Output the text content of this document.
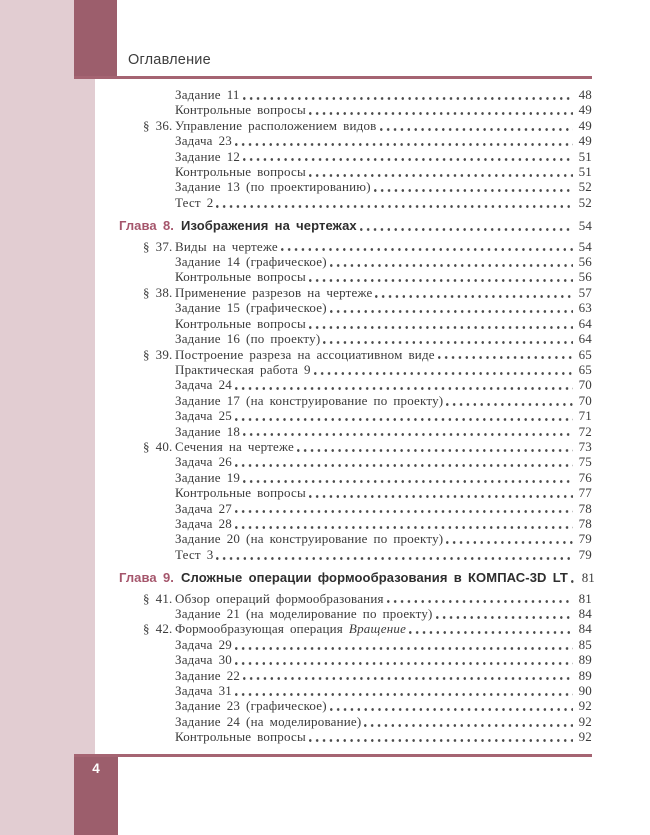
Оглавление
Задание 11	48
Контрольные вопросы	49
§ 36. Управление расположением видов	49
Задача 23	49
Задание 12	51
Контрольные вопросы	51
Задание 13 (по проектированию)	52
Тест 2	52
Глава 8. Изображения на чертежах	54
§ 37. Виды на чертеже	54
Задание 14 (графическое)	56
Контрольные вопросы	56
§ 38. Применение разрезов на чертеже	57
Задание 15 (графическое)	63
Контрольные вопросы	64
Задание 16 (по проекту)	64
§ 39. Построение разреза на ассоциативном виде	65
Практическая работа 9	65
Задача 24	70
Задание 17 (на конструирование по проекту)	70
Задача 25	71
Задание 18	72
§ 40. Сечения на чертеже	73
Задача 26	75
Задание 19	76
Контрольные вопросы	77
Задача 27	78
Задача 28	78
Задание 20 (на конструирование по проекту)	79
Тест 3	79
Глава 9. Сложные операции формообразования в КОМПАС-3D LT 81
§ 41. Обзор операций формообразования	81
Задание 21 (на моделирование по проекту)	84
§ 42. Формообразующая операция Вращение	84
Задача 29	85
Задача 30	89
Задание 22	89
Задача 31	90
Задание 23 (графическое)	92
Задание 24 (на моделирование)	92
Контрольные вопросы	92
4
